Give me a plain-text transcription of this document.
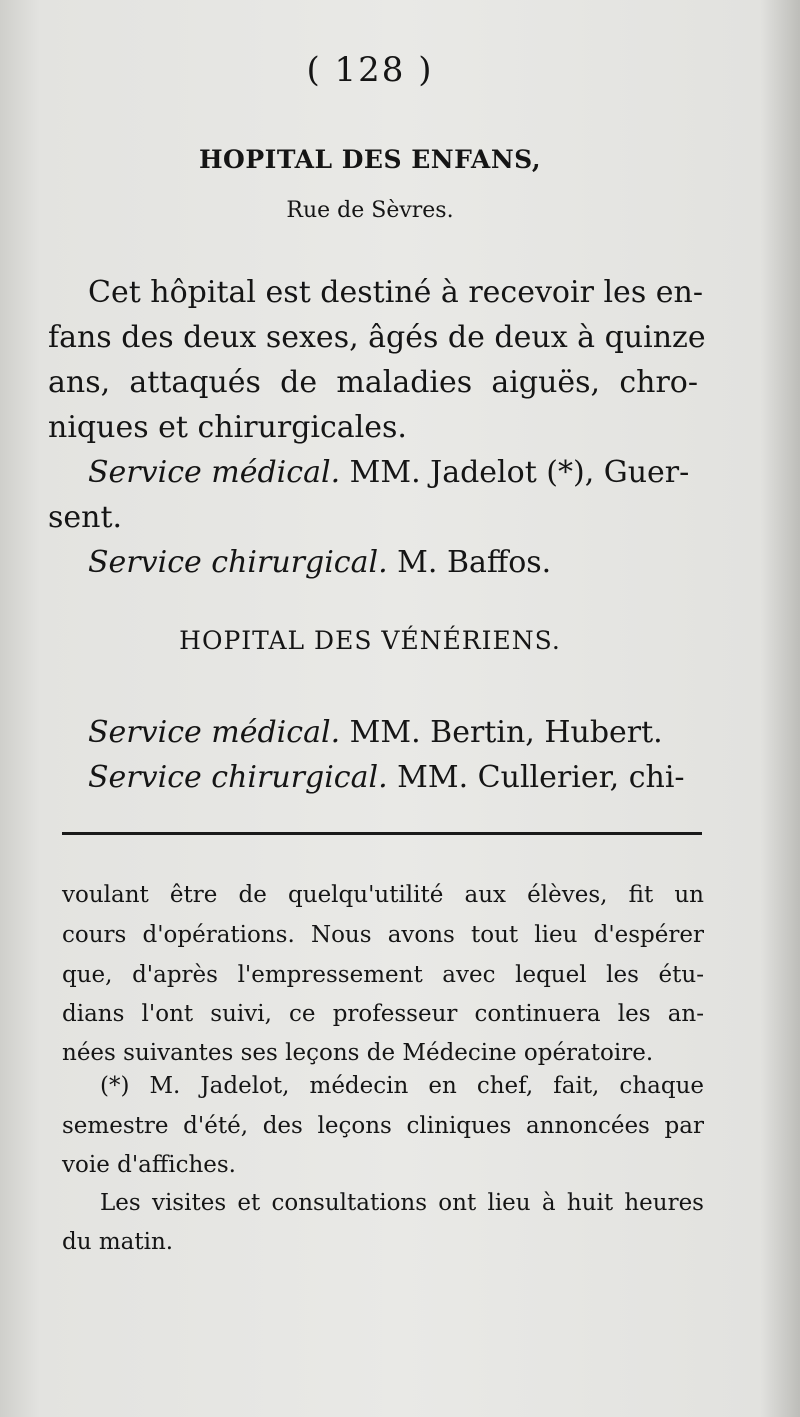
( 128 )
HOPITAL DES ENFANS,
Rue de Sèvres.
Cet hôpital est destiné à recevoir les en-
fans des deux sexes, âgés de deux à quinze
ans, attaqués de maladies aiguës, chro-
niques et chirurgicales.
Service médical. MM. Jadelot (*), Guer-
sent.
Service chirurgical. M. Baffos.
HOPITAL DES VÉNÉRIENS.
Service médical. MM. Bertin, Hubert.
Service chirurgical. MM. Cullerier, chi-
voulant être de quelqu'utilité aux élèves, fit un
cours d'opérations. Nous avons tout lieu d'espérer
que, d'après l'empressement avec lequel les étu-
dians l'ont suivi, ce professeur continuera les an-
nées suivantes ses leçons de Médecine opératoire.
(*) M. Jadelot, médecin en chef, fait, chaque
semestre d'été, des leçons cliniques annoncées par
voie d'affiches.
Les visites et consultations ont lieu à huit heures
du matin.
